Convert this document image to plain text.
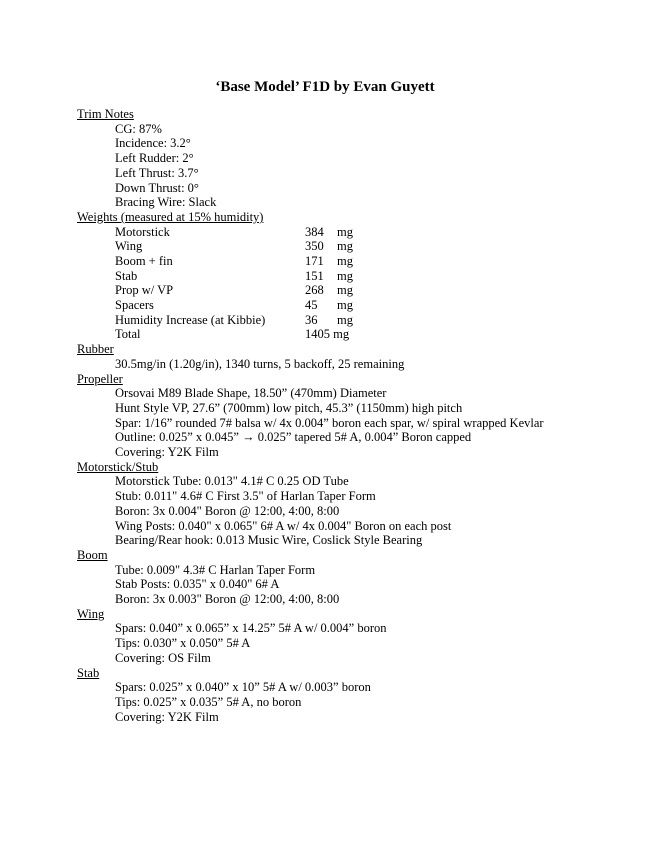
‘Base Model’ F1D by Evan Guyett
Trim Notes
CG: 87%
Incidence: 3.2°
Left Rudder: 2°
Left Thrust: 3.7°
Down Thrust: 0°
Bracing Wire: Slack
Weights (measured at 15% humidity)
Motorstick	384 mg
Wing	350 mg
Boom + fin	171 mg
Stab	151 mg
Prop w/ VP	268 mg
Spacers	45 mg
Humidity Increase (at Kibbie)	36 mg
Total	1405 mg
Rubber
30.5mg/in (1.20g/in), 1340 turns, 5 backoff, 25 remaining
Propeller
Orsovai M89 Blade Shape, 18.50” (470mm) Diameter
Hunt Style VP, 27.6” (700mm) low pitch, 45.3” (1150mm) high pitch
Spar: 1/16” rounded 7# balsa w/ 4x 0.004” boron each spar, w/ spiral wrapped Kevlar
Outline: 0.025” x 0.045” → 0.025” tapered 5# A, 0.004” Boron capped
Covering: Y2K Film
Motorstick/Stub
Motorstick Tube: 0.013" 4.1# C 0.25 OD Tube
Stub: 0.011" 4.6# C First 3.5" of Harlan Taper Form
Boron: 3x 0.004" Boron @ 12:00, 4:00, 8:00
Wing Posts: 0.040" x 0.065" 6# A w/ 4x 0.004" Boron on each post
Bearing/Rear hook: 0.013 Music Wire, Coslick Style Bearing
Boom
Tube: 0.009" 4.3# C Harlan Taper Form
Stab Posts: 0.035" x 0.040" 6# A
Boron: 3x 0.003" Boron @ 12:00, 4:00, 8:00
Wing
Spars: 0.040” x 0.065” x 14.25” 5# A w/ 0.004” boron
Tips: 0.030” x 0.050” 5# A
Covering: OS Film
Stab
Spars: 0.025” x 0.040” x 10” 5# A w/ 0.003” boron
Tips: 0.025” x 0.035” 5# A, no boron
Covering: Y2K Film
